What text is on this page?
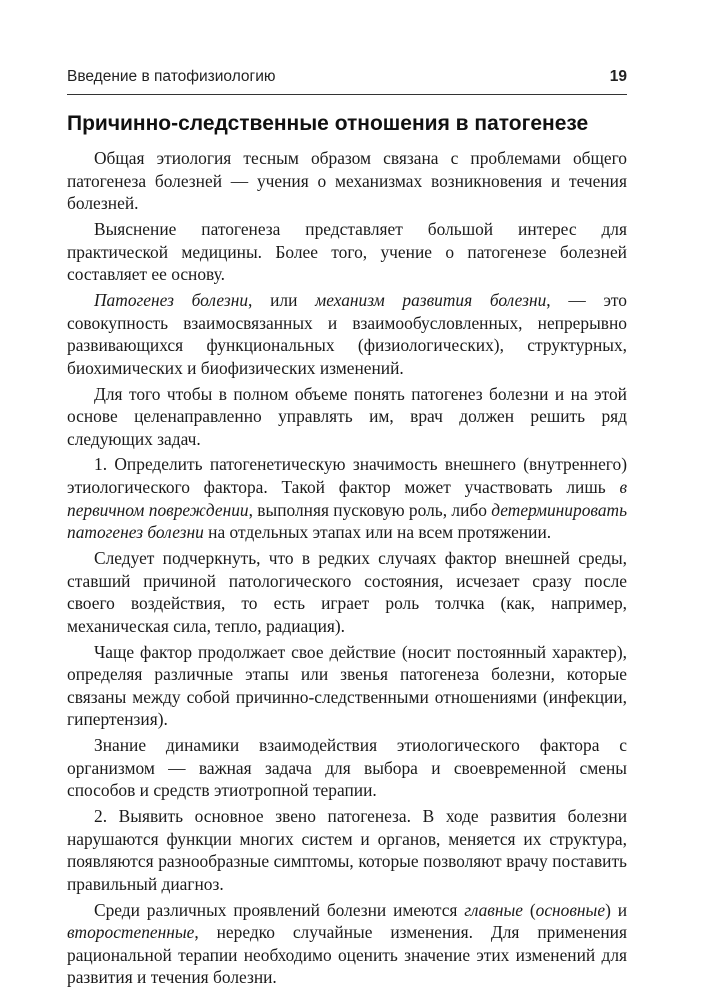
Введение в патофизиологию	19
Причинно-следственные отношения в патогенезе

Общая этиология тесным образом связана с проблемами общего патогенеза болезней — учения о механизмах возникновения и течения болезней.

Выяснение патогенеза представляет большой интерес для практической медицины. Более того, учение о патогенезе болезней составляет ее основу.

Патогенез болезни, или механизм развития болезни, — это совокупность взаимосвязанных и взаимообусловленных, непрерывно развивающихся функциональных (физиологических), структурных, биохимических и биофизических изменений.

Для того чтобы в полном объеме понять патогенез болезни и на этой основе целенаправленно управлять им, врач должен решить ряд следующих задач.

1. Определить патогенетическую значимость внешнего (внутреннего) этиологического фактора. Такой фактор может участвовать лишь в первичном повреждении, выполняя пусковую роль, либо детерминировать патогенез болезни на отдельных этапах или на всем протяжении.

Следует подчеркнуть, что в редких случаях фактор внешней среды, ставший причиной патологического состояния, исчезает сразу после своего воздействия, то есть играет роль толчка (как, например, механическая сила, тепло, радиация).

Чаще фактор продолжает свое действие (носит постоянный характер), определяя различные этапы или звенья патогенеза болезни, которые связаны между собой причинно-следственными отношениями (инфекции, гипертензия).

Знание динамики взаимодействия этиологического фактора с организмом — важная задача для выбора и своевременной смены способов и средств этиотропной терапии.

2. Выявить основное звено патогенеза. В ходе развития болезни нарушаются функции многих систем и органов, меняется их структура, появляются разнообразные симптомы, которые позволяют врачу поставить правильный диагноз.

Среди различных проявлений болезни имеются главные (основные) и второстепенные, нередко случайные изменения. Для применения рациональной терапии необходимо оценить значение этих изменений для развития и течения болезни.
